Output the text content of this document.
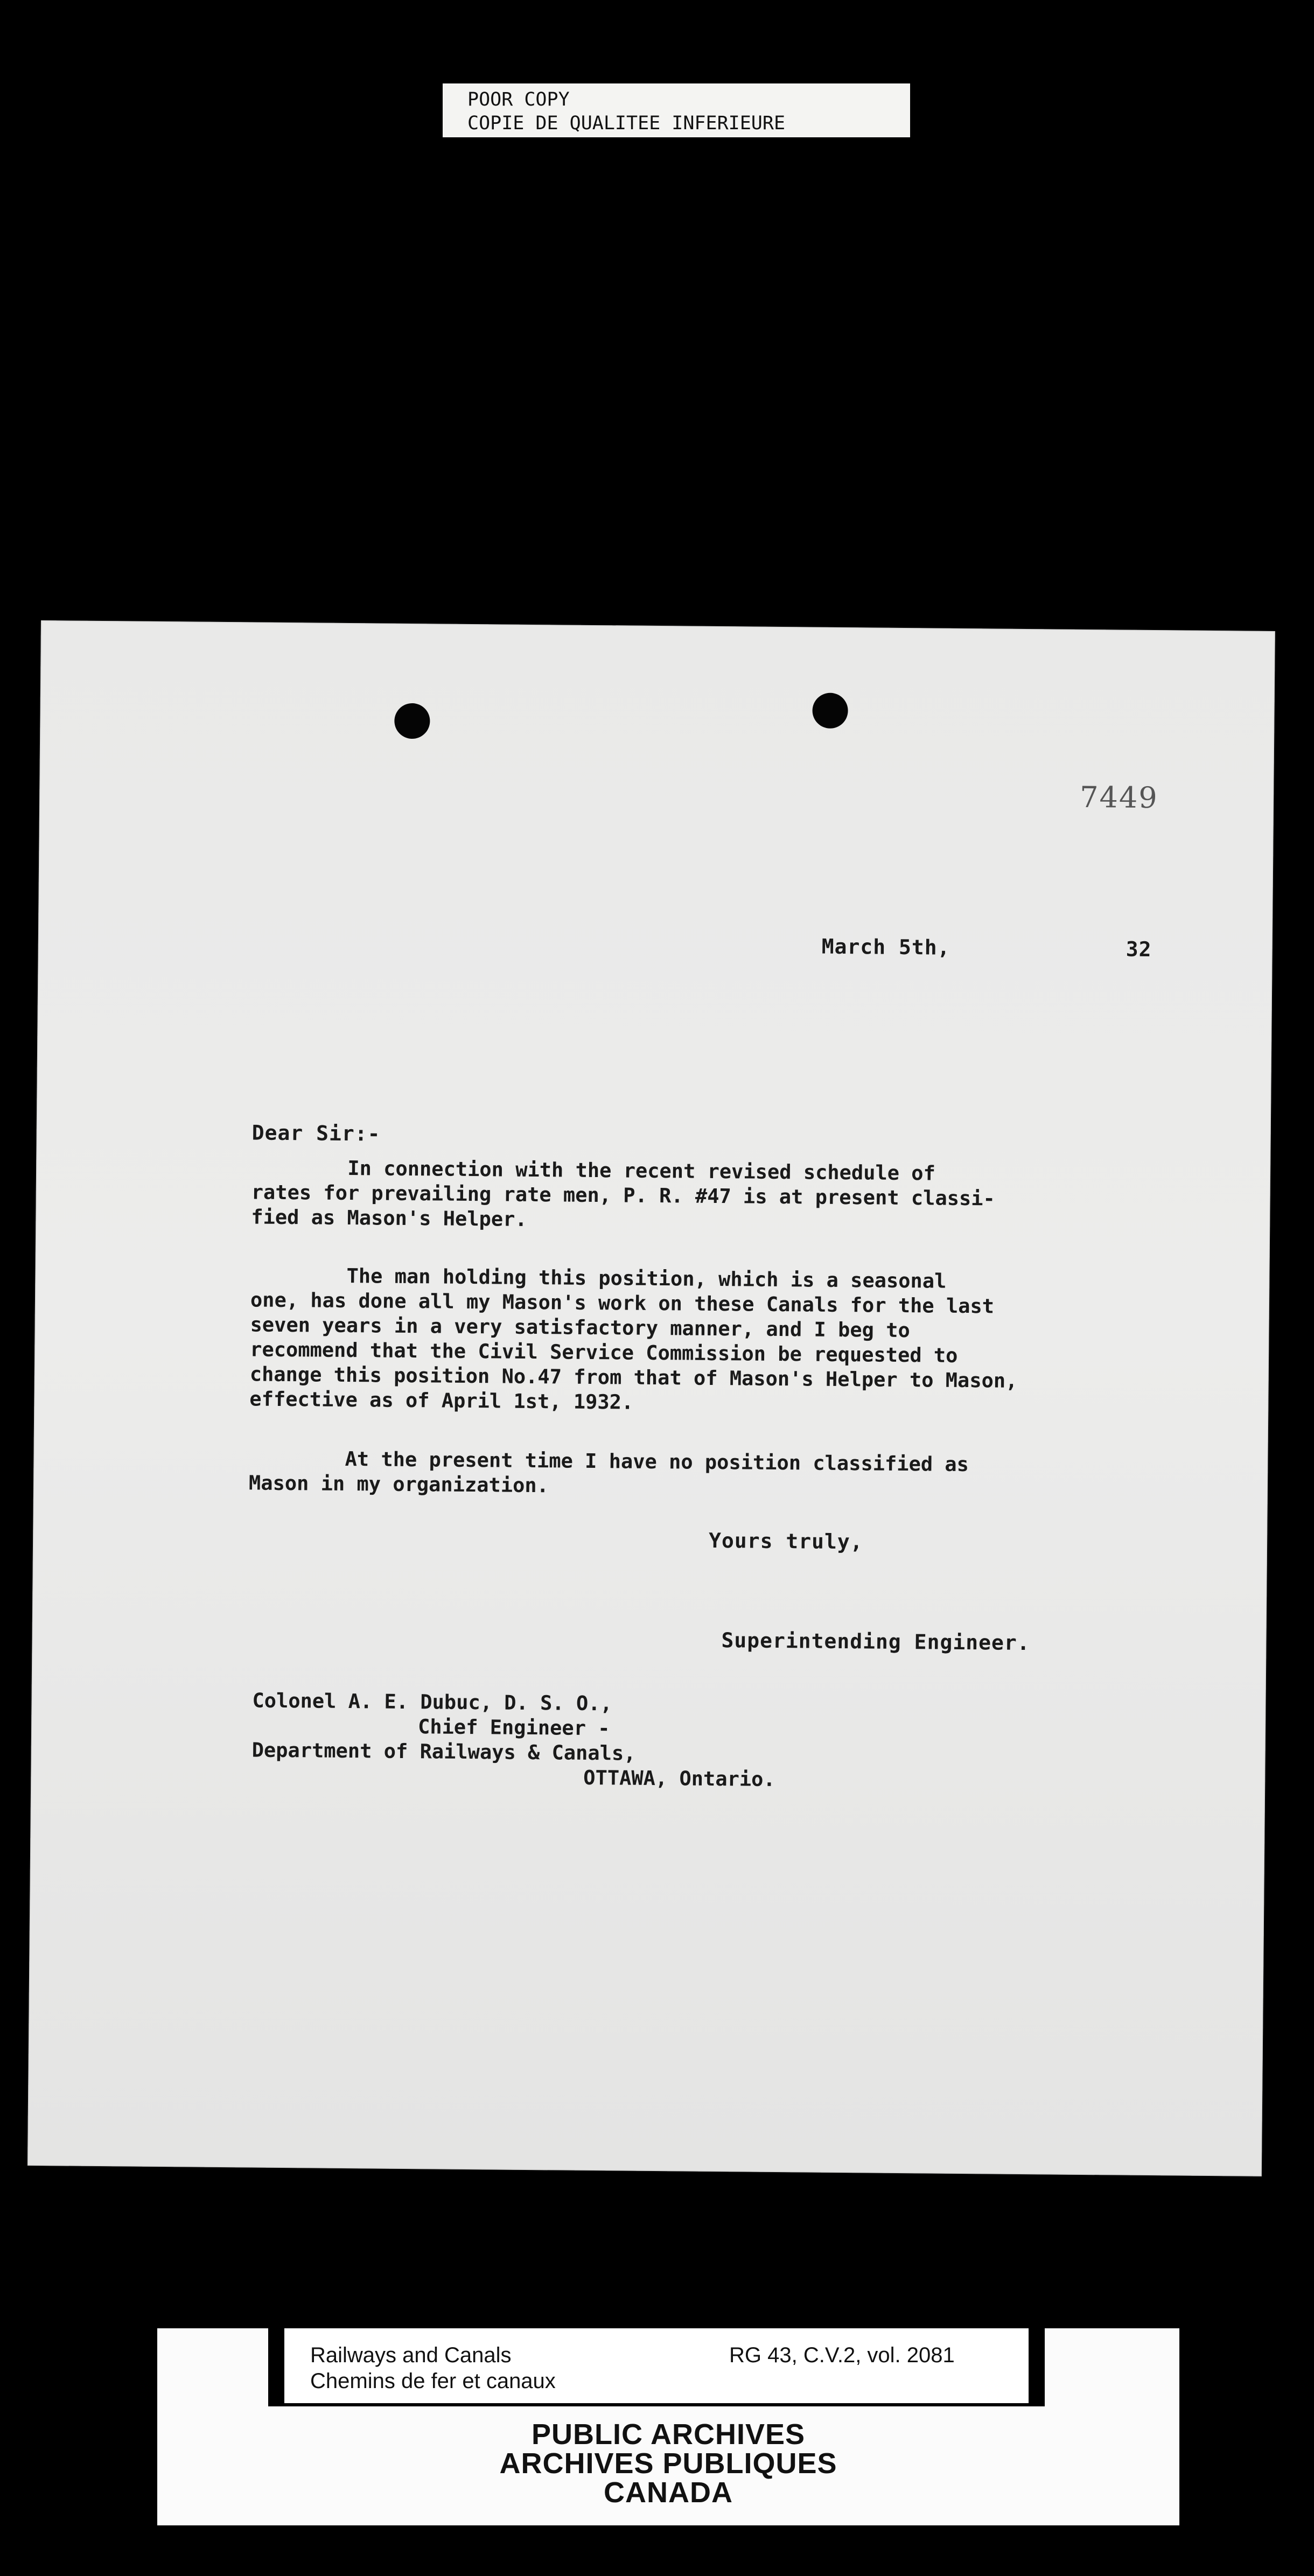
POOR COPY
COPIE DE QUALITEE INFERIEURE
7449
March 5th,	32
Dear Sir:-
In connection with the recent revised schedule of
rates for prevailing rate men, P. R. #47 is at present classi-
fied as Mason's Helper.
The man holding this position, which is a seasonal
one, has done all my Mason's work on these Canals for the last
seven years in a very satisfactory manner, and I beg to
recommend that the Civil Service Commission be requested to
change this position No.47 from that of Mason's Helper to Mason,
effective as of April 1st, 1932.
At the present time I have no position classified as
Mason in my organization.
Yours truly,
Superintending Engineer.
Colonel A. E. Dubuc, D. S. O.,
Chief Engineer -
Department of Railways & Canals,
OTTAWA, Ontario.
Railways and Canals
Chemins de fer et canaux
RG 43, C.V.2, vol. 2081
PUBLIC ARCHIVES
ARCHIVES PUBLIQUES
CANADA
